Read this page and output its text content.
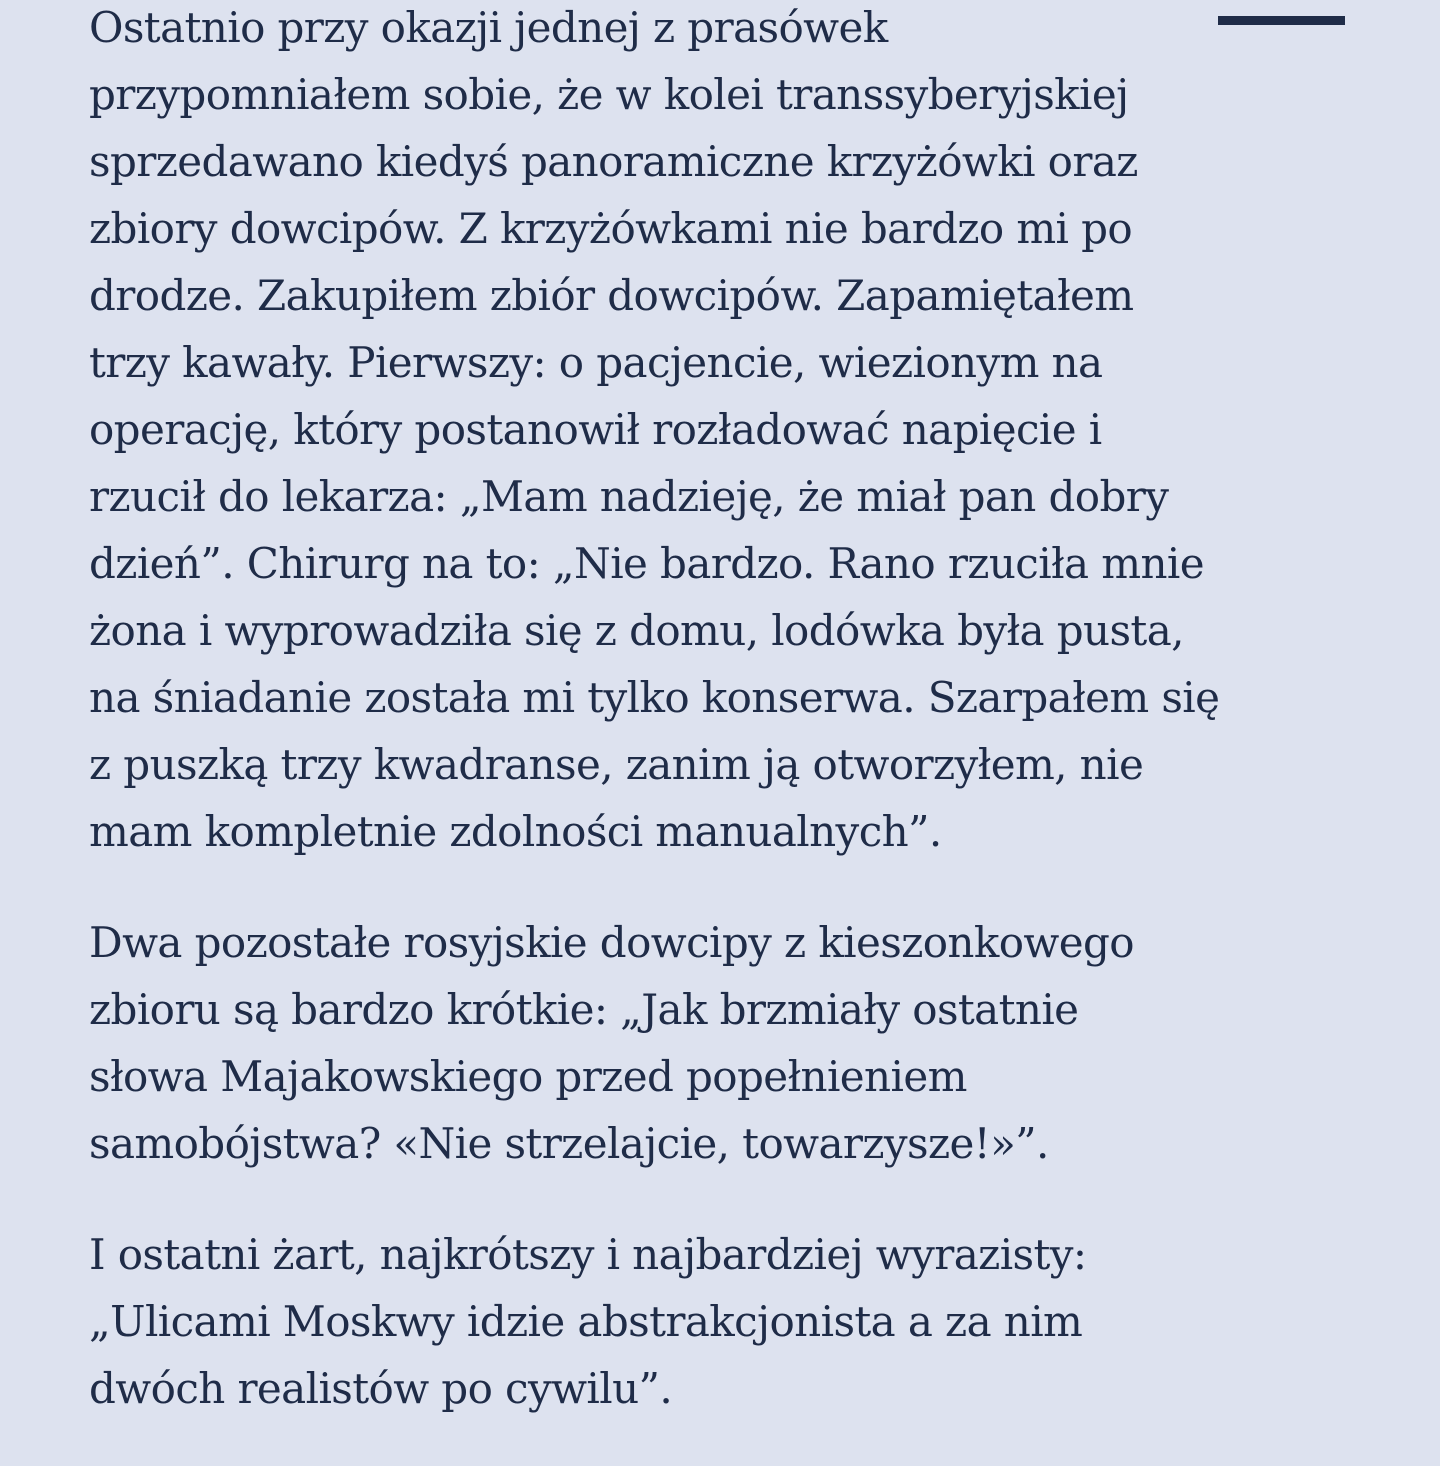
Ostatnio przy okazji jednej z prasówek
przypomniałem sobie, że w kolei transsyberyjskiej
sprzedawano kiedyś panoramiczne krzyżówki oraz
zbiory dowcipów. Z krzyżówkami nie bardzo mi po
drodze. Zakupiłem zbiór dowcipów. Zapamiętałem
trzy kawały. Pierwszy: o pacjencie, wiezionym na
operację, który postanowił rozładować napięcie i
rzucił do lekarza: „Mam nadzieję, że miał pan dobry
dzień”. Chirurg na to: „Nie bardzo. Rano rzuciła mnie
żona i wyprowadziła się z domu, lodówka była pusta,
na śniadanie została mi tylko konserwa. Szarpałem się
z puszką trzy kwadranse, zanim ją otworzyłem, nie
mam kompletnie zdolności manualnych”.

Dwa pozostałe rosyjskie dowcipy z kieszonkowego
zbioru są bardzo krótkie: „Jak brzmiały ostatnie
słowa Majakowskiego przed popełnieniem
samobójstwa? «Nie strzelajcie, towarzysze!»”.

I ostatni żart, najkrótszy i najbardziej wyrazisty:
„Ulicami Moskwy idzie abstrakcjonista a za nim
dwóch realistów po cywilu”.
